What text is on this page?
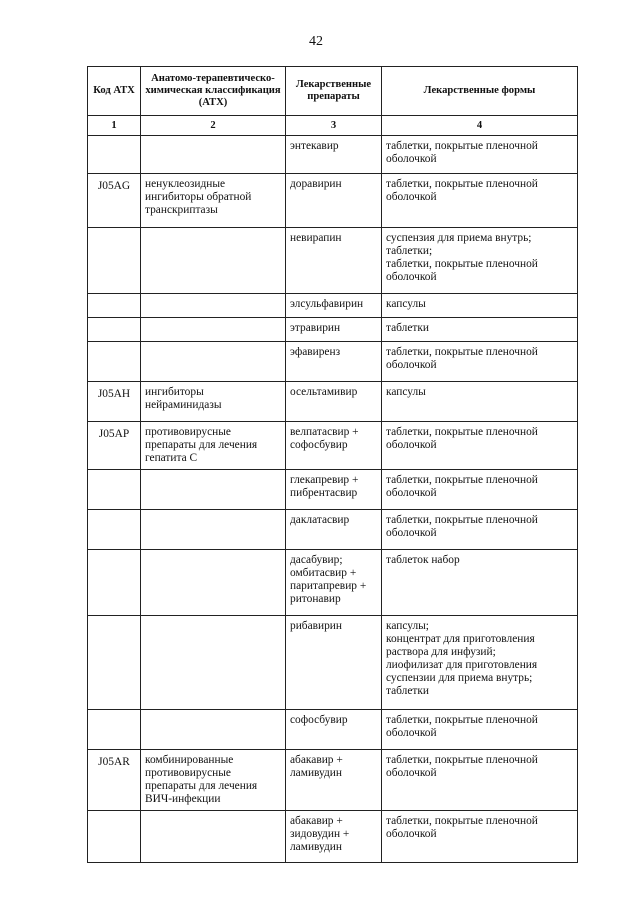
42
Код АТХ	Анатомо-терапевтическо-химическая классификация (АТХ)	Лекарственные препараты	Лекарственные формы
1	2	3	4
		энтекавир	таблетки, покрытые пленочной оболочкой
J05AG	ненуклеозидные ингибиторы обратной транскриптазы	доравирин	таблетки, покрытые пленочной оболочкой
		невирапин	суспензия для приема внутрь;
таблетки;
таблетки, покрытые пленочной оболочкой
		элсульфавирин	капсулы
		этравирин	таблетки
		эфавиренз	таблетки, покрытые пленочной оболочкой
J05AH	ингибиторы нейраминидазы	осельтамивир	капсулы
J05AP	противовирусные препараты для лечения гепатита С	велпатасвир + софосбувир	таблетки, покрытые пленочной оболочкой
		глекапревир + пибрентасвир	таблетки, покрытые пленочной оболочкой
		даклатасвир	таблетки, покрытые пленочной оболочкой
		дасабувир; омбитасвир + паритапревир + ритонавир	таблеток набор
		рибавирин	капсулы;
концентрат для приготовления раствора для инфузий;
лиофилизат для приготовления суспензии для приема внутрь;
таблетки
		софосбувир	таблетки, покрытые пленочной оболочкой
J05AR	комбинированные противовирусные препараты для лечения ВИЧ-инфекции	абакавир + ламивудин	таблетки, покрытые пленочной оболочкой
		абакавир + зидовудин + ламивудин	таблетки, покрытые пленочной оболочкой
